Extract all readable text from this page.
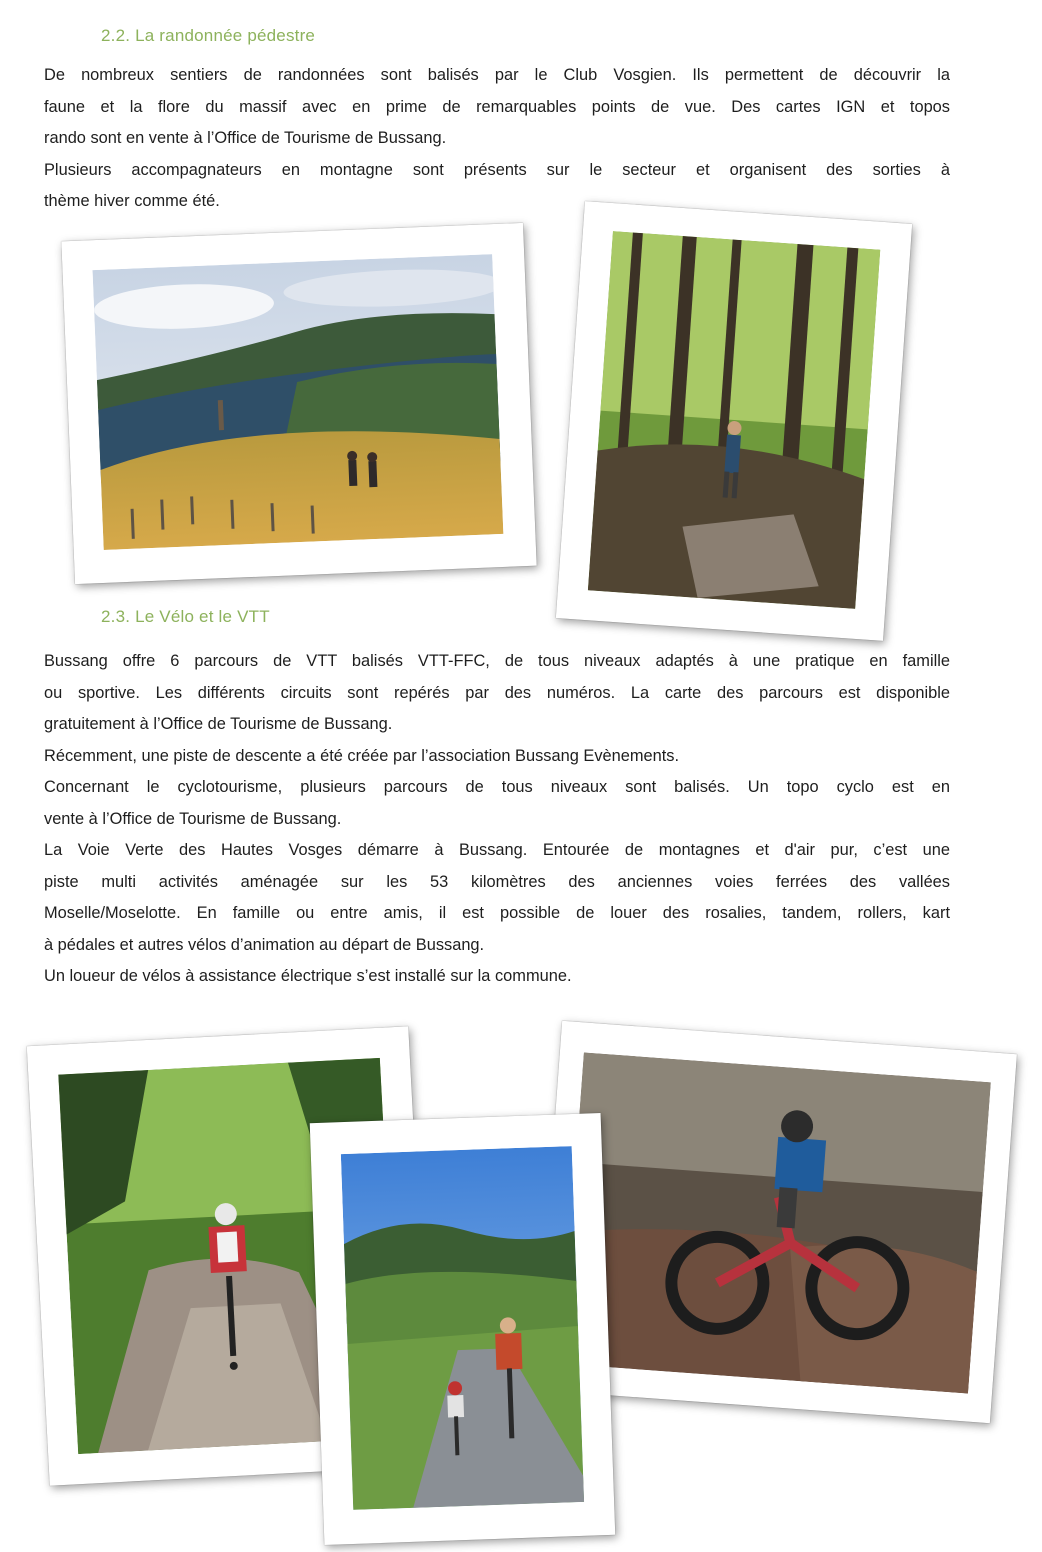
2.2. La randonnée pédestre
De nombreux sentiers de randonnées sont balisés par le Club Vosgien. Ils permettent de découvrir la
faune et la flore du massif avec en prime de remarquables points de vue. Des cartes IGN et topos
rando sont en vente à l’Office de Tourisme de Bussang.
Plusieurs accompagnateurs en montagne sont présents sur le secteur et organisent des sorties à
thème hiver comme été.
2.3. Le Vélo et le VTT
Bussang offre 6 parcours de VTT balisés VTT-FFC, de tous niveaux adaptés à une pratique en famille
ou sportive. Les différents circuits sont repérés par des numéros. La carte des parcours est disponible
gratuitement à l’Office de Tourisme de Bussang.
Récemment, une piste de descente a été créée par l’association Bussang Evènements.
Concernant le cyclotourisme, plusieurs parcours de tous niveaux sont balisés. Un topo cyclo est en
vente à l’Office de Tourisme de Bussang.
La Voie Verte des Hautes Vosges démarre à Bussang. Entourée de montagnes et d'air pur, c’est une
piste multi activités aménagée sur les 53 kilomètres des anciennes voies ferrées des vallées
Moselle/Moselotte. En famille ou entre amis, il est possible de louer des rosalies, tandem, rollers, kart
à pédales et autres vélos d’animation au départ de Bussang.
Un loueur de vélos à assistance électrique s’est installé sur la commune.
